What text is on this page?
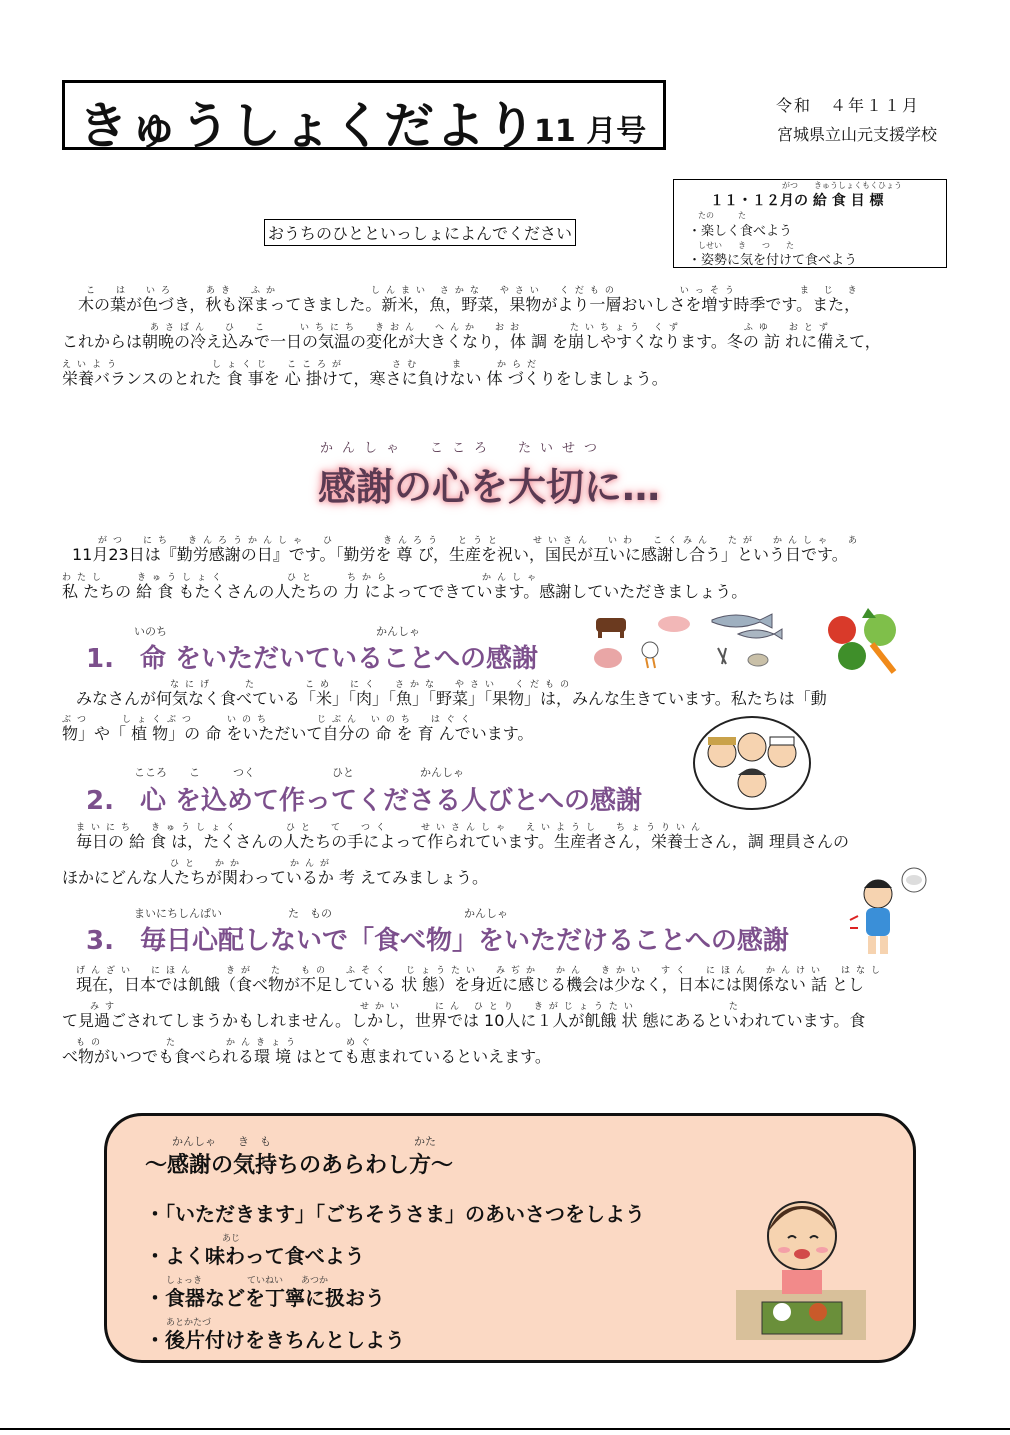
きゅうしょくだより
11 月号
令和　４年１１月
宮城県立山元支援学校
がつ　　きゅうしょくもくひょう
１１・１２月の 給 食 目 標
たの　　　た
・楽しく食べよう
しせい　　き　　つ　　た
・姿勢に気を付けて食べよう
おうちのひとといっしょによんでください
こ　は　いろ　　あき　ふか　　　　　　しんまい さかな　やさい　くだもの　　　　いっそう　　　　ま じ き
木の葉が色づき，秋も深まってきました。新米，魚，野菜，果物がより一層おいしさを増す時季です。また，
あさばん　ひ　こ　　いちにち　きおん　へんか　おお　　　たいちょう くず　　　　ふゆ　おとず
これからは朝晩の冷え込みで一日の気温の変化が大きくなり，体 調 を崩しやすくなります。冬の 訪 れに備えて，
えいよう　　　　　　しょくじ　こころが　　　さむ　　ま　　からだ
栄養バランスのとれた 食 事を 心 掛けて，寒さに負けない 体 づくりをしましょう。
かんしゃ　こころ　たいせつ
感謝の心を大切に…
がつ　にち　きんろうかんしゃ　ひ　　　きんろう　とうと　　せいさん　いわ　こくみん　たが　かんしゃ　あ
11月23日は『勤労感謝の日』です。「勤労を 尊 び，生産を祝い，国民が互いに感謝し合う」という日です。
わたし　　きゅうしょく　　　　ひと　　ちから　　　　　　かんしゃ
私 たちの 給 食 もたくさんの人たちの 力 によってできています。感謝していただきましょう。
いのち　　　　　　　　　　　　　　　　　　　かんしゃ
1.　命 をいただいていることへの感謝
なにげ　　た　　　こめ　にく　さかな　やさい　くだもの
みなさんが何気なく食べている「米」「肉」「魚」「野菜」「果物」は，みんな生きています。私たちは「動
ぶつ　　しょくぶつ　　いのち　　　じぶん いのち　はぐく
物」や「 植 物」の 命 をいただいて自分の 命 を 育 んでいます。
こころ　　こ　　　つく　　　　　　　ひと　　　　　　かんしゃ
2.　心 を込めて作ってくださる人びとへの感謝
まいにち　きゅうしょく　　　ひと　て　つく　　せいさんしゃ　えいようし　ちょうりいん
毎日の 給 食 は，たくさんの人たちの手によって作られています。生産者さん，栄養士さん，調 理員さんの
ひと　かか　　　かんが
ほかにどんな人たちが関わっているか 考 えてみましょう。
まいにちしんぱい　　　　　　た　もの　　　　　　　　　　　　かんしゃ
3.　毎日心配しないで「食べ物」をいただけることへの感謝
げんざい　にほん　　きが　た　もの　ふそく　じょうたい　みぢか　かん　きかい　すく　にほん　かんけい　はなし
現在，日本では飢餓（食べ物が不足している 状 態）を身近に感じる機会は少なく，日本には関係ない 話 とし
みす　　　　　　　　　　　　　　　　せかい　　にん ひとり　きがじょうたい　　　　　　た
て見過ごされてしまうかもしれません。しかし，世界では 10人に１人が飢餓 状 態にあるといわれています。食
もの　　　　た　　　かんきょう　　　めぐ
べ物がいつでも食べられる環 境 はとても恵まれているといえます。
かんしゃ　　き　も　　　　　　　　　　　　　かた
～感謝の気持ちのあらわし方～
・「いただきます」「ごちそうさま」のあいさつをしよう
あじ
・よく味わって食べよう
しょっき　　　　　ていねい　　あつか
・食器などを丁寧に扱おう
あとかたづ
・後片付けをきちんとしよう
